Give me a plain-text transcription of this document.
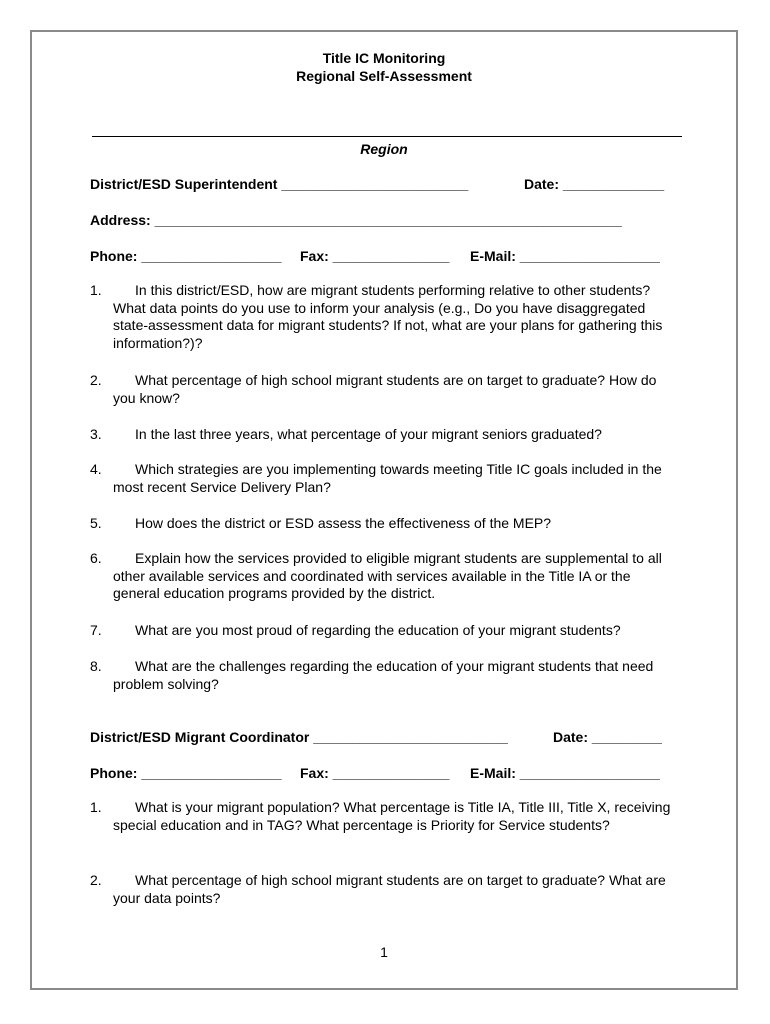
Title IC Monitoring
Regional Self-Assessment
Region
District/ESD Superintendent ________________________	Date: _____________
Address: ____________________________________________________________
Phone: __________________ Fax: _______________ E-Mail: __________________
1.	In this district/ESD, how are migrant students performing relative to other students? What data points do you use to inform your analysis (e.g., Do you have disaggregated state-assessment data for migrant students? If not, what are your plans for gathering this information?)?
2.	What percentage of high school migrant students are on target to graduate? How do you know?
3.	In the last three years, what percentage of your migrant seniors graduated?
4.	Which strategies are you implementing towards meeting Title IC goals included in the most recent Service Delivery Plan?
5.	How does the district or ESD assess the effectiveness of the MEP?
6.	Explain how the services provided to eligible migrant students are supplemental to all other available services and coordinated with services available in the Title IA or the general education programs provided by the district.
7.	What are you most proud of regarding the education of your migrant students?
8.	What are the challenges regarding the education of your migrant students that need problem solving?
District/ESD Migrant Coordinator _________________________	Date: _________
Phone: __________________ Fax: _______________ E-Mail: __________________
1.	What is your migrant population? What percentage is Title IA, Title III, Title X, receiving special education and in TAG? What percentage is Priority for Service students?
2.	What percentage of high school migrant students are on target to graduate? What are your data points?
1
